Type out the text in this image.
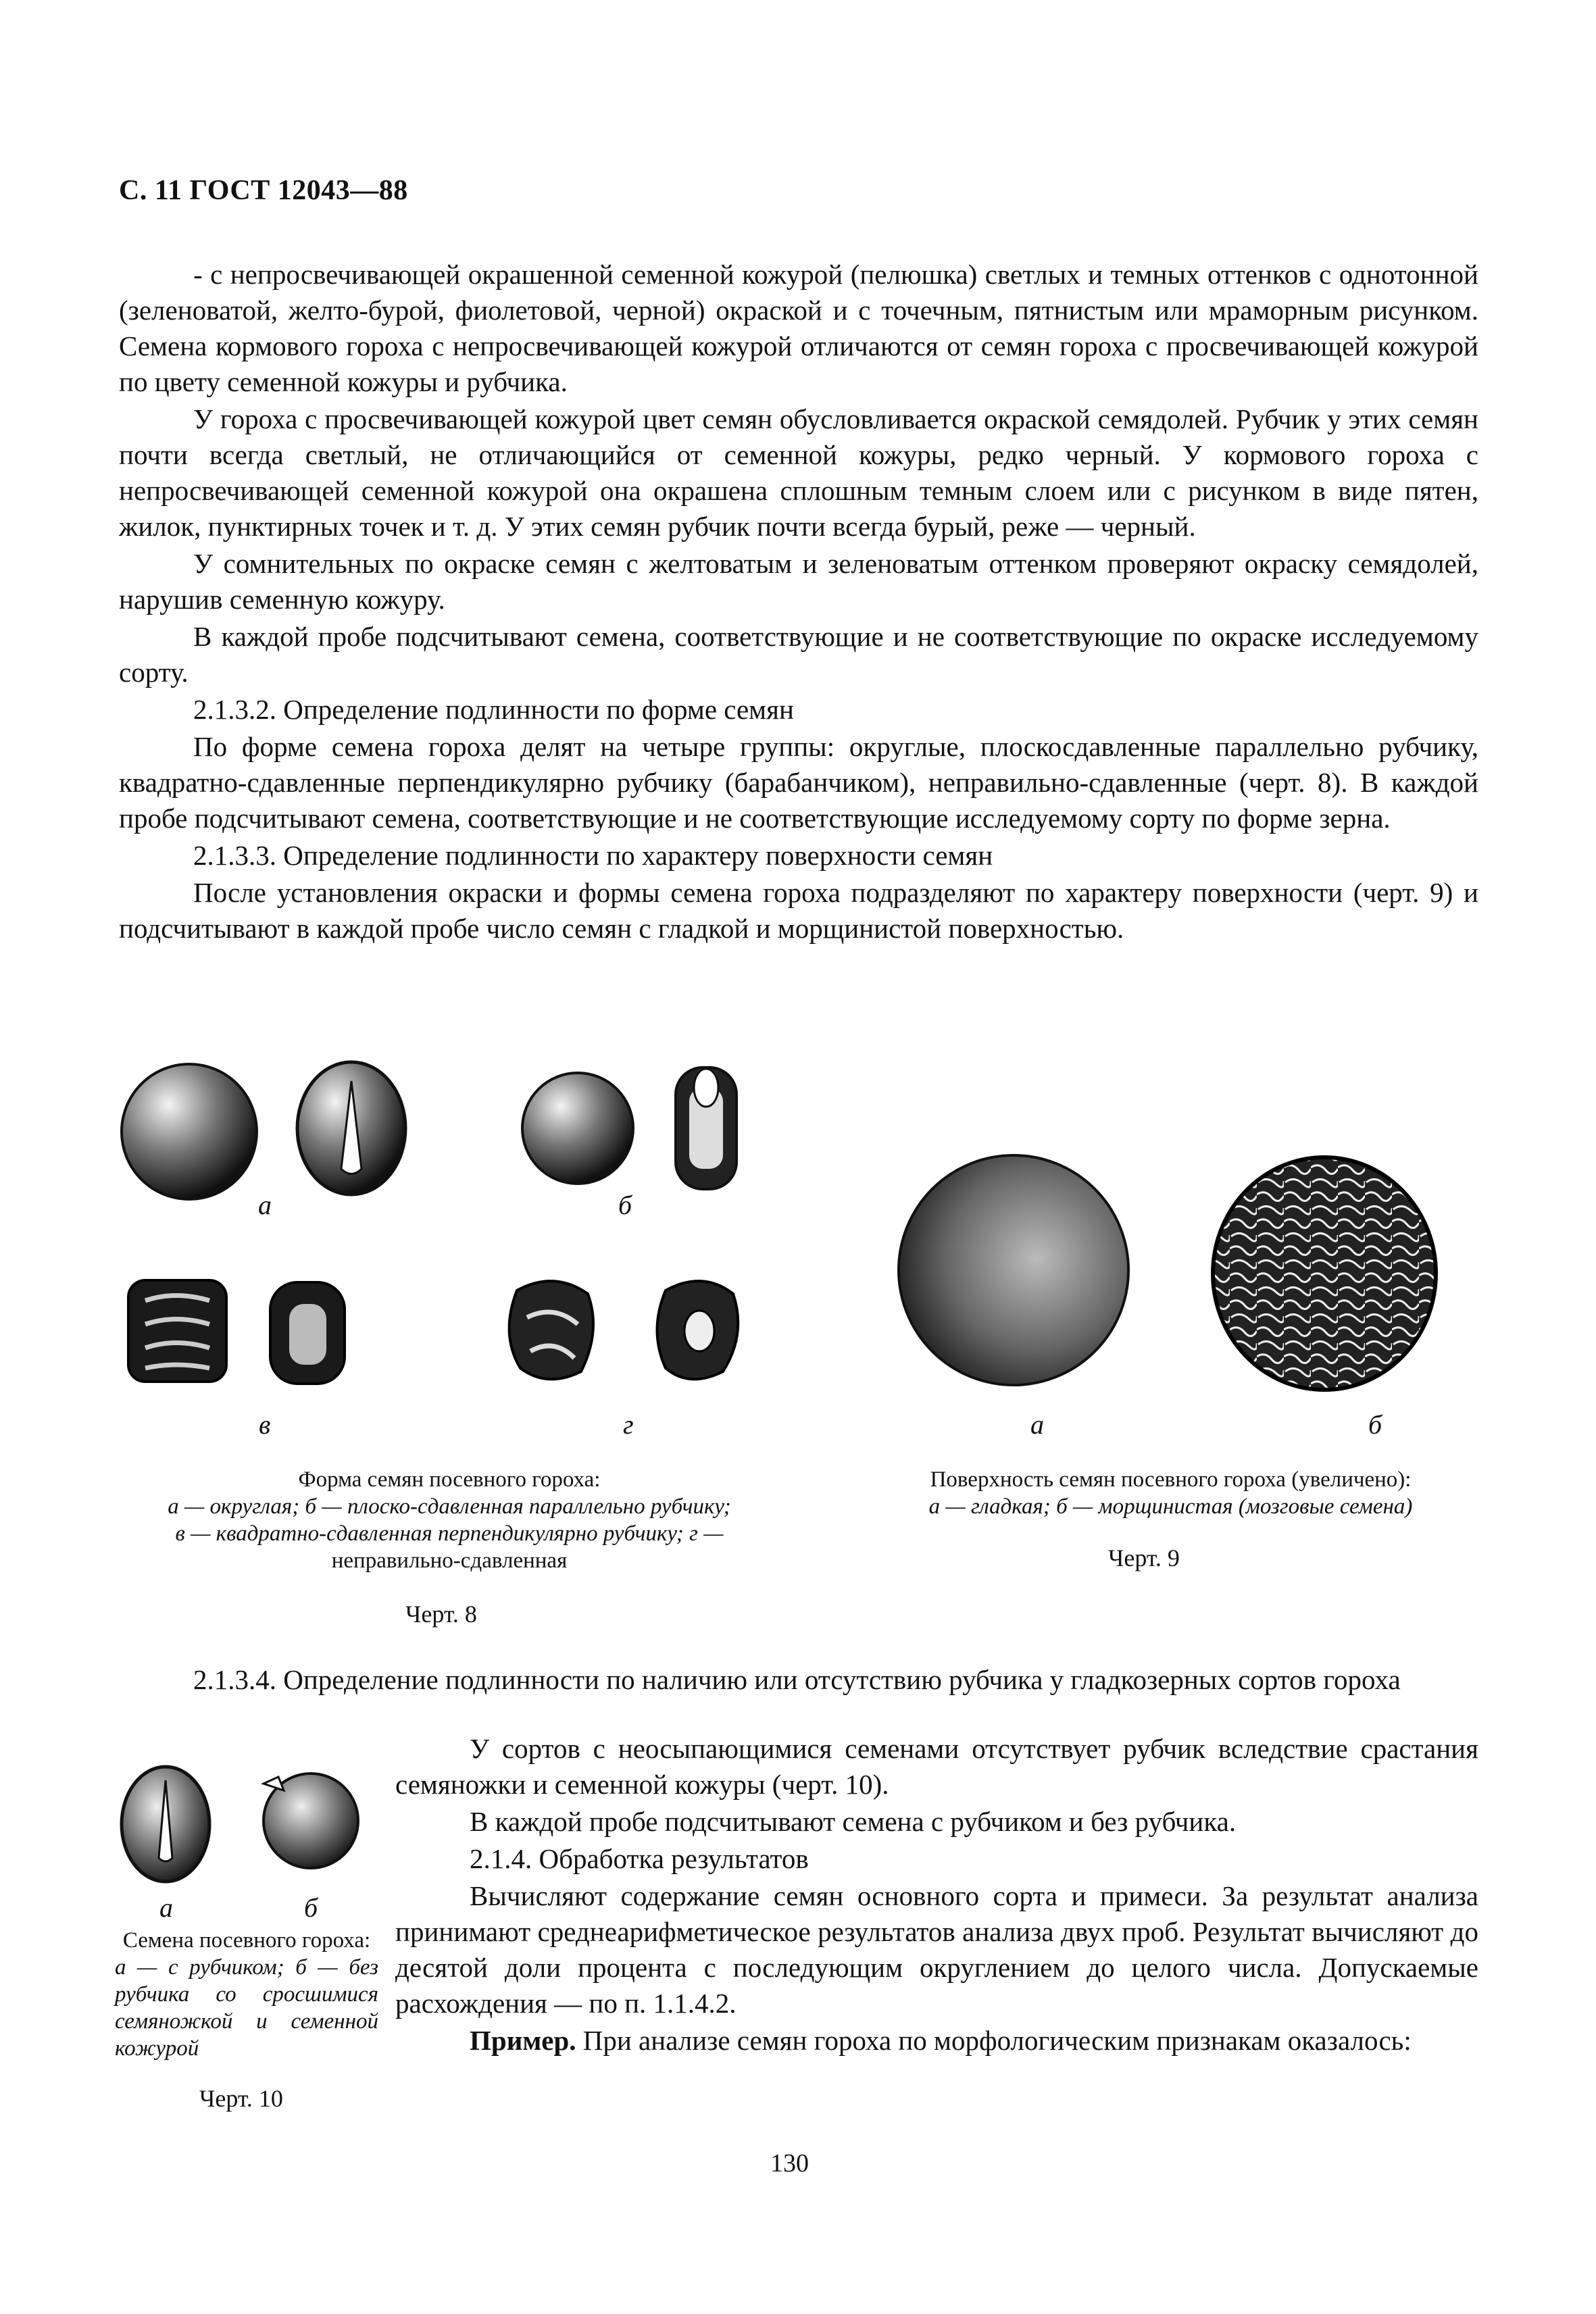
С. 11 ГОСТ 12043—88

- с непросвечивающей окрашенной семенной кожурой (пелюшка) светлых и темных оттенков с однотонной (зеленоватой, желто-бурой, фиолетовой, черной) окраской и с точечным, пятнистым или мраморным рисунком. Семена кормового гороха с непросвечивающей кожурой отличаются от семян гороха с просвечивающей кожурой по цвету семенной кожуры и рубчика.

У гороха с просвечивающей кожурой цвет семян обусловливается окраской семядолей. Рубчик у этих семян почти всегда светлый, не отличающийся от семенной кожуры, редко черный. У кормового гороха с непросвечивающей семенной кожурой она окрашена сплошным темным слоем или с рисунком в виде пятен, жилок, пунктирных точек и т. д. У этих семян рубчик почти всегда бурый, реже — черный.

У сомнительных по окраске семян с желтоватым и зеленоватым оттенком проверяют окраску семядолей, нарушив семенную кожуру.

В каждой пробе подсчитывают семена, соответствующие и не соответствующие по окраске исследуемому сорту.

2.1.3.2. Определение подлинности по форме семян

По форме семена гороха делят на четыре группы: округлые, плоскосдавленные параллельно рубчику, квадратно-сдавленные перпендикулярно рубчику (барабанчиком), неправильно-сдавленные (черт. 8). В каждой пробе подсчитывают семена, соответствующие и не соответствующие исследуемому сорту по форме зерна.

2.1.3.3. Определение подлинности по характеру поверхности семян

После установления окраски и формы семена гороха подразделяют по характеру поверхности (черт. 9) и подсчитывают в каждой пробе число семян с гладкой и морщинистой поверхностью.

а	б
в	г
Форма семян посевного гороха:
а — округлая; б — плоско-сдавленная параллельно рубчику;
в — квадратно-сдавленная перпендикулярно рубчику; г —
неправильно-сдавленная
Черт. 8
а	б
Поверхность семян посевного гороха (увеличено):
а — гладкая; б — морщинистая (мозговые семена)
Черт. 9

2.1.3.4. Определение подлинности по наличию или отсутствию рубчика у гладкозерных сортов гороха

а	б
Семена посевного гороха:
а — с рубчиком; б — без рубчика со сросшимися семяножкой и семенной кожурой
Черт. 10

У сортов с неосыпающимися семенами отсутствует рубчик вследствие срастания семяножки и семенной кожуры (черт. 10).

В каждой пробе подсчитывают семена с рубчиком и без рубчика.

2.1.4. Обработка результатов

Вычисляют содержание семян основного сорта и примеси. За результат анализа принимают среднеарифметическое результатов анализа двух проб. Результат вычисляют до десятой доли процента с последующим округлением до целого числа. Допускаемые расхождения — по п. 1.1.4.2.

Пример. При анализе семян гороха по морфологическим признакам оказалось:

130
